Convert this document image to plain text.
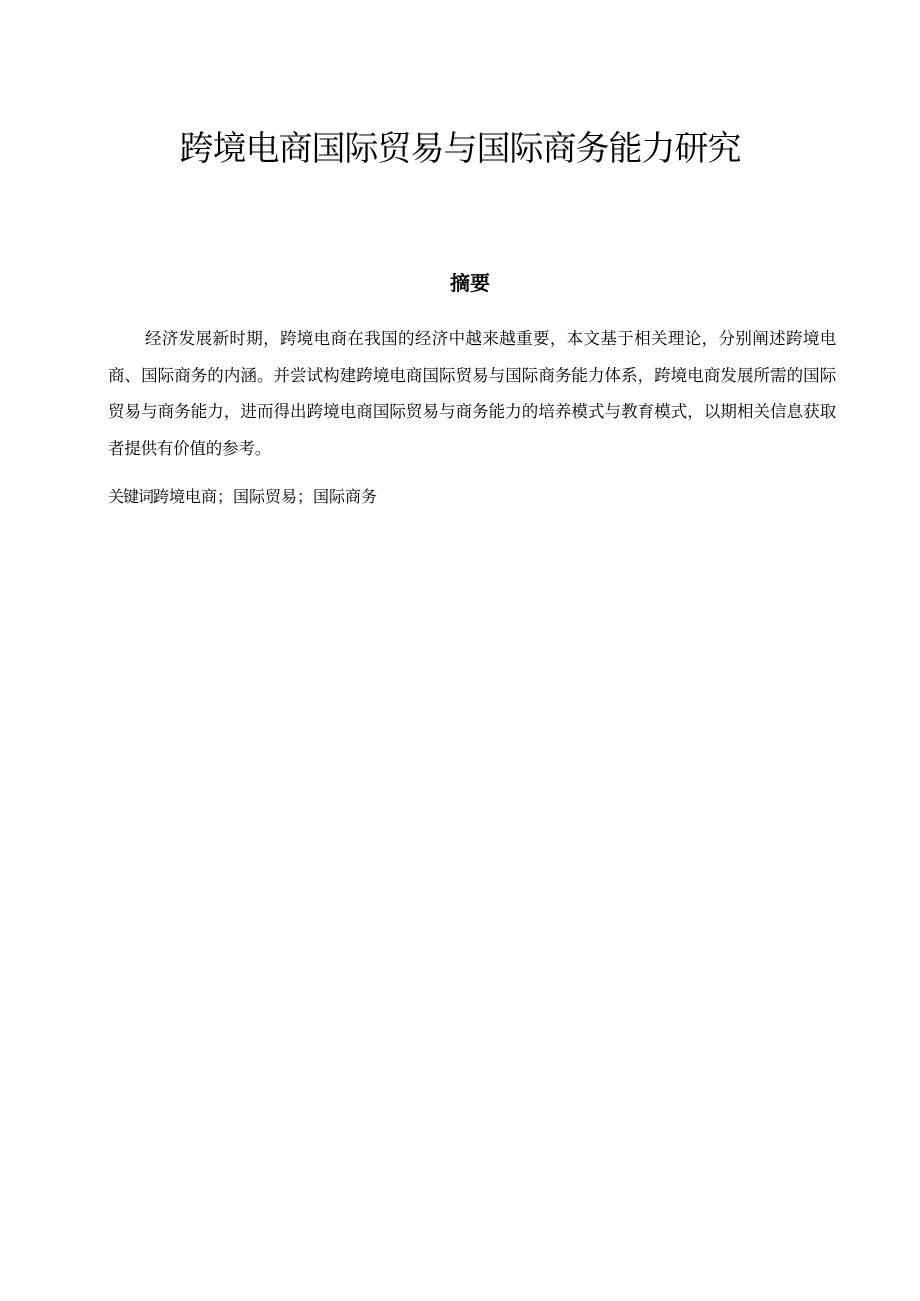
跨境电商国际贸易与国际商务能力研究
摘要

经济发展新时期，跨境电商在我国的经济中越来越重要，本文基于相关理论，分别阐述跨境电商、国际商务的内涵。并尝试构建跨境电商国际贸易与国际商务能力体系，跨境电商发展所需的国际贸易与商务能力，进而得出跨境电商国际贸易与商务能力的培养模式与教育模式，以期相关信息获取者提供有价值的参考。

关键词跨境电商；国际贸易；国际商务
